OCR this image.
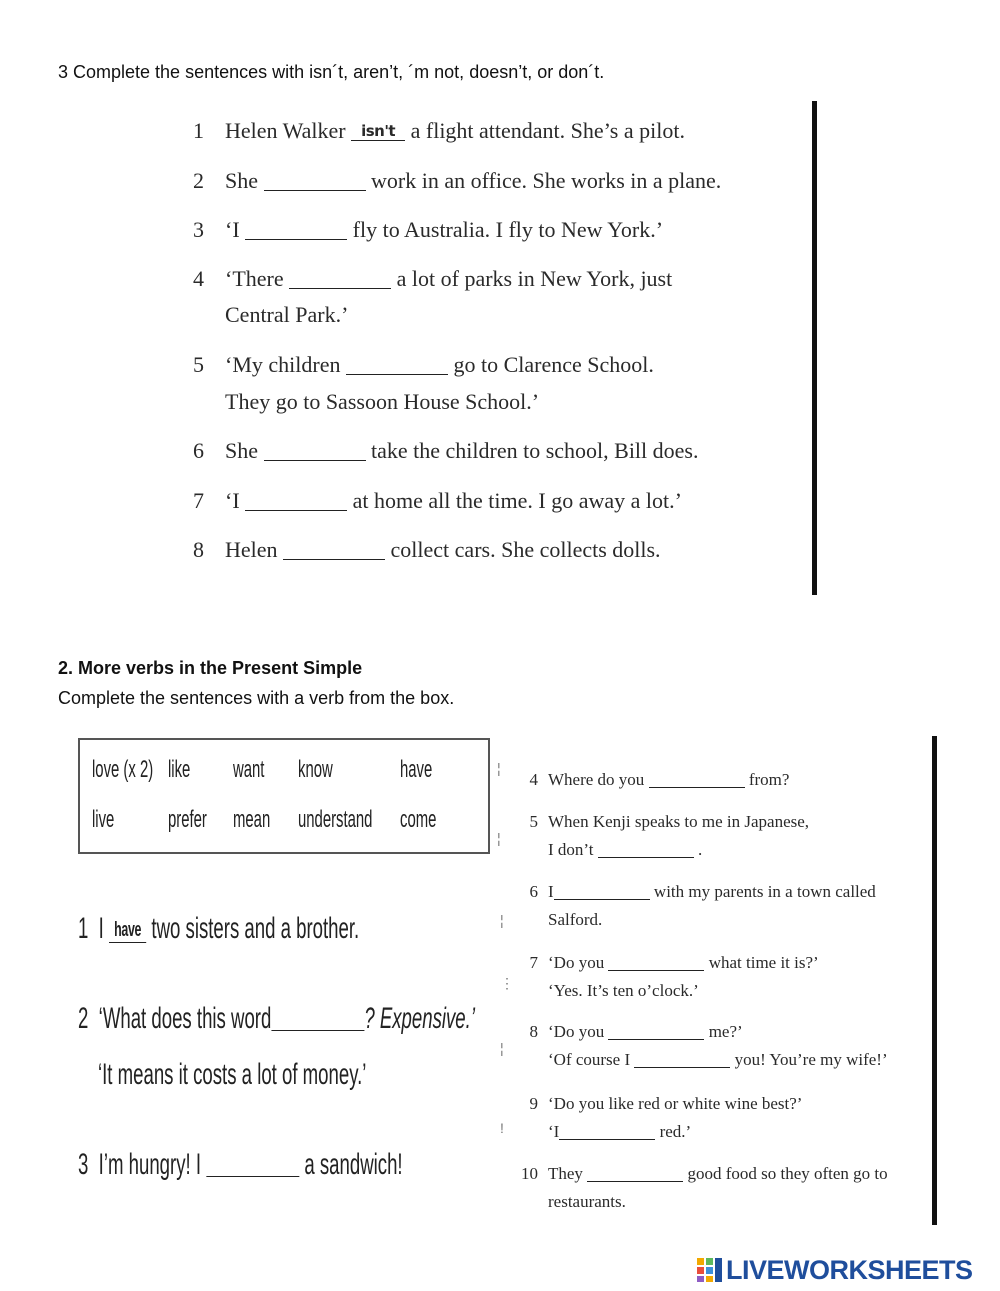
3 Complete the sentences with isn´t, aren’t, ´m not, doesn’t, or don´t.
1 Helen Walker isn't a flight attendant. She’s a pilot.
2 She	work in an office. She works in a plane.
3 ‘I	fly to Australia. I fly to New York.’
4 ‘There	a lot of parks in New York, just
Central Park.’
5 ‘My children	go to Clarence School.
They go to Sassoon House School.’
6 She	take the children to school, Bill does.
7 ‘I	at home all the time. I go away a lot.’
8 Helen	collect cars. She collects dolls.
2. More verbs in the Present Simple
Complete the sentences with a verb from the box.
love (x 2) like want know	have
live prefer mean understand come
1 I have two sisters and a brother.
2 ‘What does this word	? Expensive.’
‘It means it costs a lot of money.’
3 I’m hungry! I	a sandwich!
¦
¦
¦
⋮
¦
!
4 Where do you	from?
5 When Kenji speaks to me in Japanese,
I don’t	.
6 I	with my parents in a town called
Salford.
7 ‘Do you	what time it is?’
‘Yes. It’s ten o’clock.’
8 ‘Do you	me?’
‘Of course I	you! You’re my wife!’
9 ‘Do you like red or white wine best?’
‘I	red.’
10 They	good food so they often go to
restaurants.
LIVEWORKSHEETS
